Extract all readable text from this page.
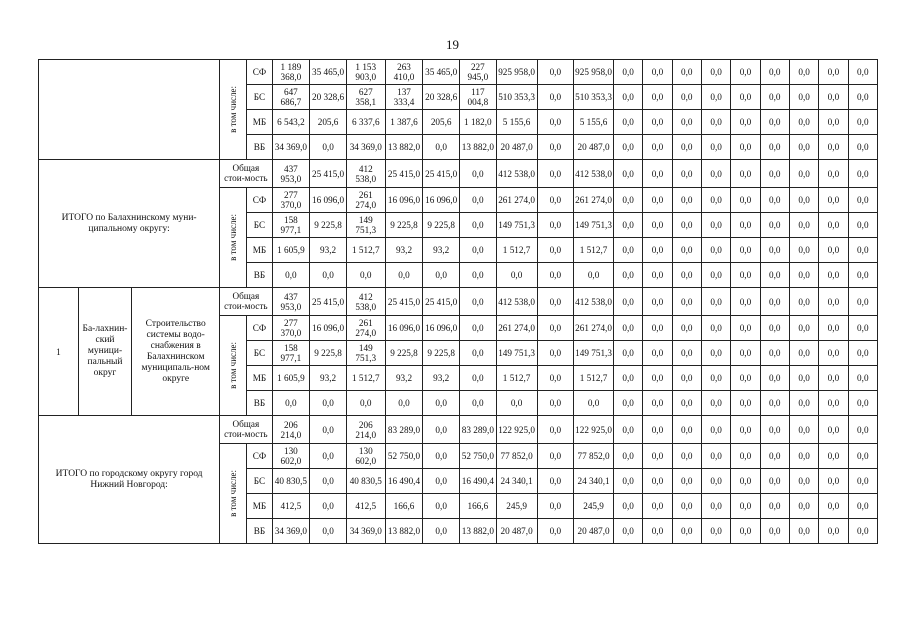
19

			в том числе:	СФ	1 189 368,0	35 465,0	1 153 903,0	263 410,0	35 465,0	227 945,0	925 958,0	0,0	925 958,0	0,0	0,0	0,0	0,0	0,0	0,0	0,0	0,0	0,0
				БС	647 686,7	20 328,6	627 358,1	137 333,4	20 328,6	117 004,8	510 353,3	0,0	510 353,3	0,0	0,0	0,0	0,0	0,0	0,0	0,0	0,0	0,0
				МБ	6 543,2	205,6	6 337,6	1 387,6	205,6	1 182,0	5 155,6	0,0	5 155,6	0,0	0,0	0,0	0,0	0,0	0,0	0,0	0,0	0,0
				ВБ	34 369,0	0,0	34 369,0	13 882,0	0,0	13 882,0	20 487,0	0,0	20 487,0	0,0	0,0	0,0	0,0	0,0	0,0	0,0	0,0	0,0
ИТОГО по Балахнинскому муни-ципальному округу:			Общая стои-мость		437 953,0	25 415,0	412 538,0	25 415,0	25 415,0	0,0	412 538,0	0,0	412 538,0	0,0	0,0	0,0	0,0	0,0	0,0	0,0	0,0	0,0

			в том числе:	СФ	277 370,0	16 096,0	261 274,0	16 096,0	16 096,0	0,0	261 274,0	0,0	261 274,0	0,0	0,0	0,0	0,0	0,0	0,0	0,0	0,0	0,0
				БС	158 977,1	9 225,8	149 751,3	9 225,8	9 225,8	0,0	149 751,3	0,0	149 751,3	0,0	0,0	0,0	0,0	0,0	0,0	0,0	0,0	0,0
				МБ	1 605,9	93,2	1 512,7	93,2	93,2	0,0	1 512,7	0,0	1 512,7	0,0	0,0	0,0	0,0	0,0	0,0	0,0	0,0	0,0
				ВБ	0,0	0,0	0,0	0,0	0,0	0,0	0,0	0,0	0,0	0,0	0,0	0,0	0,0	0,0	0,0	0,0	0,0	0,0
1	Ба-лахнин-ский муници-пальный округ	Строительство системы водо-снабжения в Балахнинском муниципаль-ном округе	Общая стои-мость		437 953,0	25 415,0	412 538,0	25 415,0	25 415,0	0,0	412 538,0	0,0	412 538,0	0,0	0,0	0,0	0,0	0,0	0,0	0,0	0,0	0,0

			в том числе:	СФ	277 370,0	16 096,0	261 274,0	16 096,0	16 096,0	0,0	261 274,0	0,0	261 274,0	0,0	0,0	0,0	0,0	0,0	0,0	0,0	0,0	0,0
				БС	158 977,1	9 225,8	149 751,3	9 225,8	9 225,8	0,0	149 751,3	0,0	149 751,3	0,0	0,0	0,0	0,0	0,0	0,0	0,0	0,0	0,0
				МБ	1 605,9	93,2	1 512,7	93,2	93,2	0,0	1 512,7	0,0	1 512,7	0,0	0,0	0,0	0,0	0,0	0,0	0,0	0,0	0,0
				ВБ	0,0	0,0	0,0	0,0	0,0	0,0	0,0	0,0	0,0	0,0	0,0	0,0	0,0	0,0	0,0	0,0	0,0	0,0
ИТОГО по городскому округу город Нижний Новгород:			Общая стои-мость		206 214,0	0,0	206 214,0	83 289,0	0,0	83 289,0	122 925,0	0,0	122 925,0	0,0	0,0	0,0	0,0	0,0	0,0	0,0	0,0	0,0

			в том числе:	СФ	130 602,0	0,0	130 602,0	52 750,0	0,0	52 750,0	77 852,0	0,0	77 852,0	0,0	0,0	0,0	0,0	0,0	0,0	0,0	0,0	0,0
				БС	40 830,5	0,0	40 830,5	16 490,4	0,0	16 490,4	24 340,1	0,0	24 340,1	0,0	0,0	0,0	0,0	0,0	0,0	0,0	0,0	0,0
				МБ	412,5	0,0	412,5	166,6	0,0	166,6	245,9	0,0	245,9	0,0	0,0	0,0	0,0	0,0	0,0	0,0	0,0	0,0
				ВБ	34 369,0	0,0	34 369,0	13 882,0	0,0	13 882,0	20 487,0	0,0	20 487,0	0,0	0,0	0,0	0,0	0,0	0,0	0,0	0,0	0,0
